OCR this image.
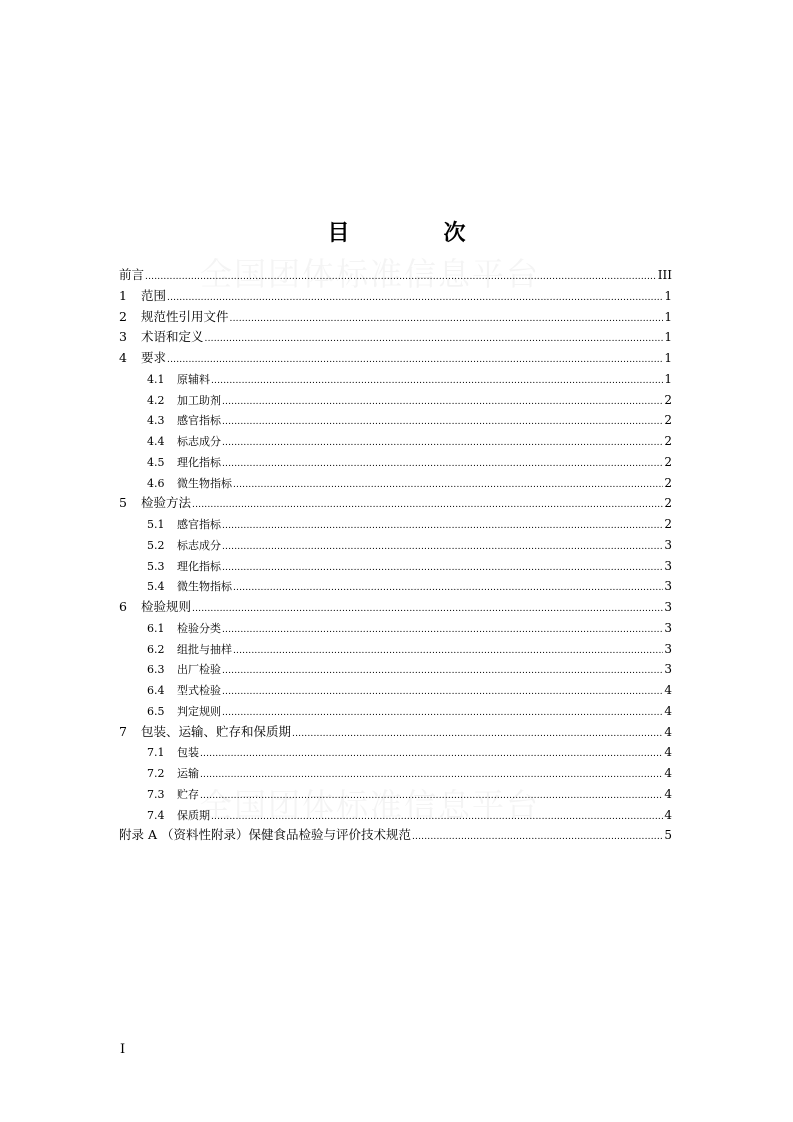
目　次
前言 .....	III
1	范围 .....	1
2	规范性引用文件 .....	1
3	术语和定义 .....	1
4	要求 .....	1
4.1	原辅料 .....	1
4.2	加工助剂 .....	2
4.3	感官指标 .....	2
4.4	标志成分 .....	2
4.5	理化指标 .....	2
4.6	微生物指标 .....	2
5	检验方法 .....	2
5.1	感官指标 .....	2
5.2	标志成分 .....	3
5.3	理化指标 .....	3
5.4	微生物指标 .....	3
6	检验规则 .....	3
6.1	检验分类 .....	3
6.2	组批与抽样 .....	3
6.3	出厂检验 .....	3
6.4	型式检验 .....	4
6.5	判定规则 .....	4
7	包装、运输、贮存和保质期 .....	4
7.1	包装 .....	4
7.2	运输 .....	4
7.3	贮存 .....	4
7.4	保质期 .....	4
附录 A （资料性附录）保健食品检验与评价技术规范 .....	5
I
